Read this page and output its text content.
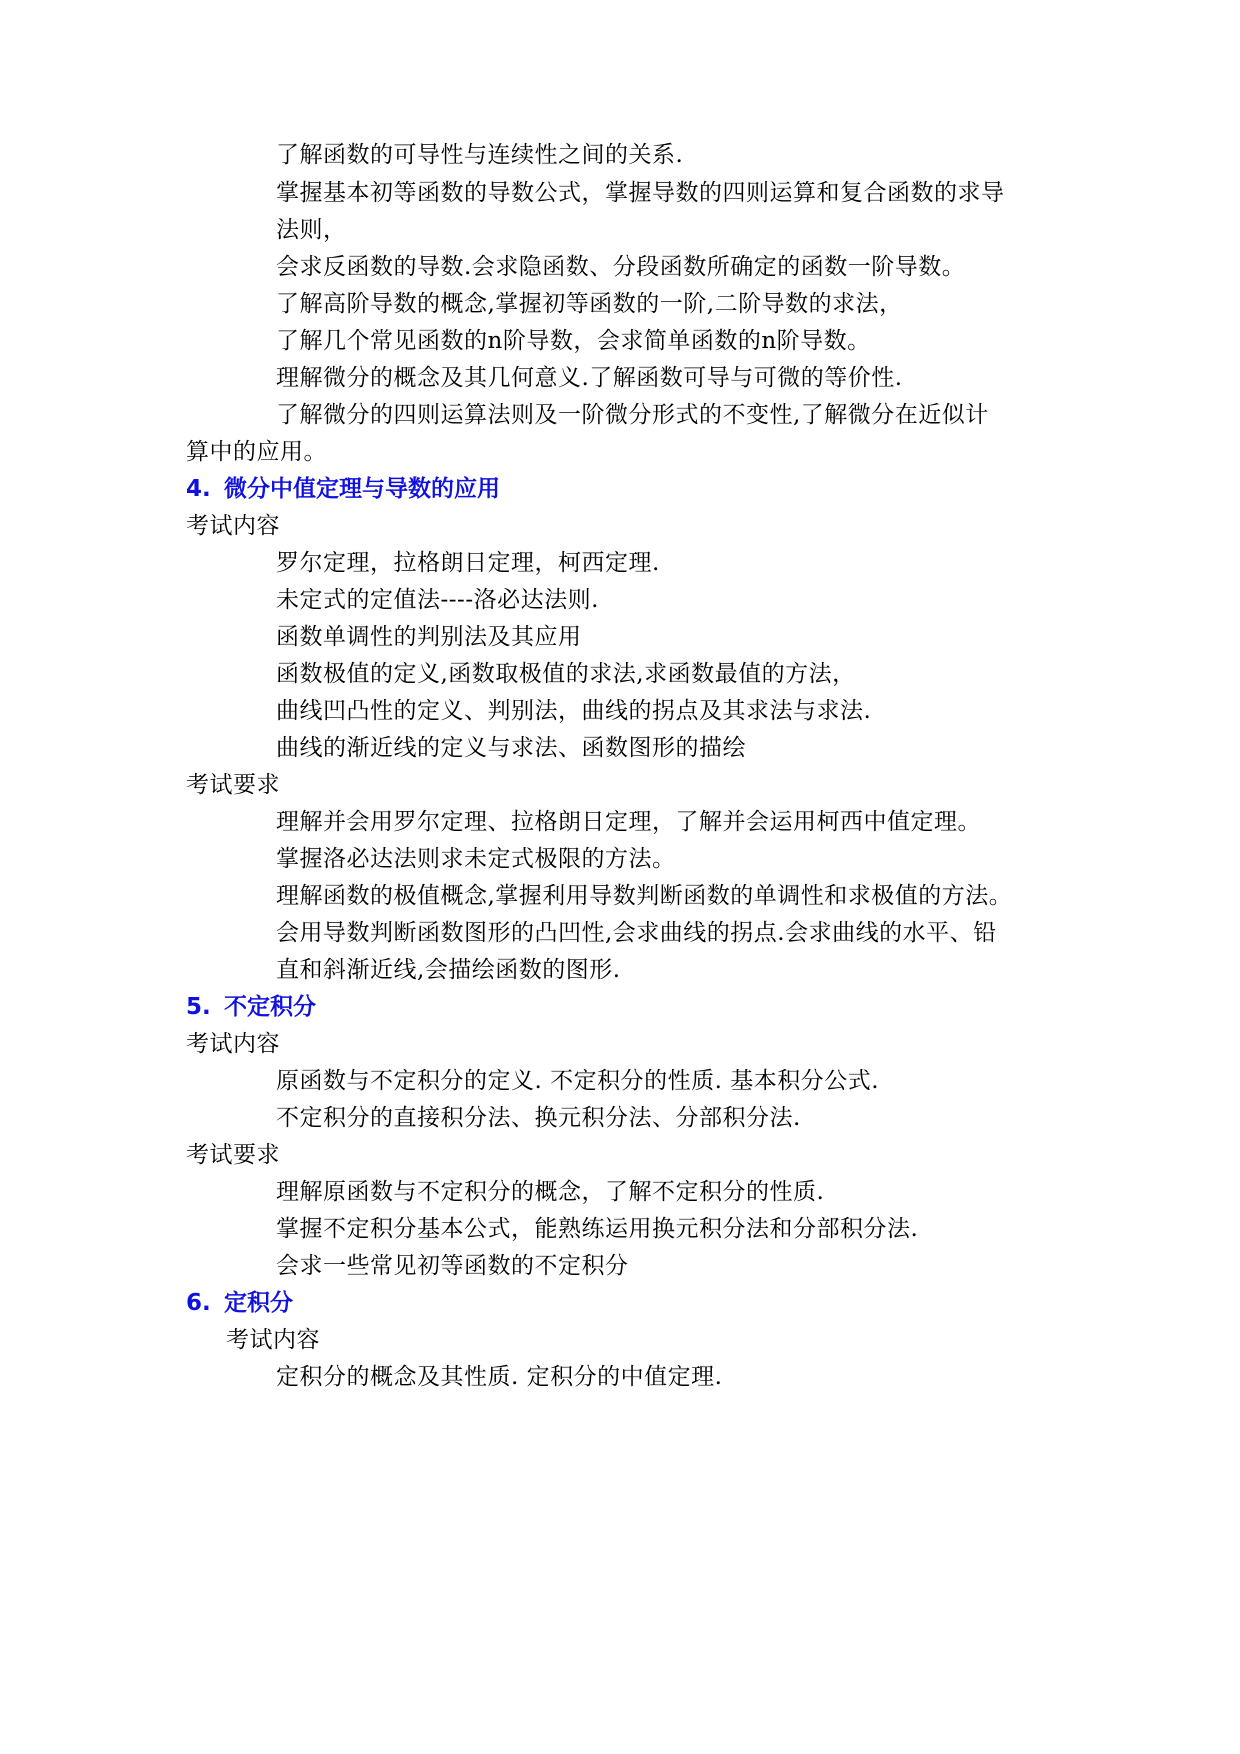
了解函数的可导性与连续性之间的关系.
掌握基本初等函数的导数公式，掌握导数的四则运算和复合函数的求导
法则，
会求反函数的导数.会求隐函数、分段函数所确定的函数一阶导数。
了解高阶导数的概念,掌握初等函数的一阶,二阶导数的求法，
了解几个常见函数的n阶导数，会求简单函数的n阶导数。
理解微分的概念及其几何意义.了解函数可导与可微的等价性.
了解微分的四则运算法则及一阶微分形式的不变性,了解微分在近似计
算中的应用。
4. 微分中值定理与导数的应用
考试内容
罗尔定理，拉格朗日定理，柯西定理.
未定式的定值法----洛必达法则.
函数单调性的判别法及其应用
函数极值的定义,函数取极值的求法,求函数最值的方法，
曲线凹凸性的定义、判别法，曲线的拐点及其求法与求法.
曲线的渐近线的定义与求法、函数图形的描绘
考试要求
理解并会用罗尔定理、拉格朗日定理，了解并会运用柯西中值定理。
掌握洛必达法则求未定式极限的方法。
理解函数的极值概念,掌握利用导数判断函数的单调性和求极值的方法。
会用导数判断函数图形的凸凹性,会求曲线的拐点.会求曲线的水平、铅
直和斜渐近线,会描绘函数的图形.
5. 不定积分
考试内容
原函数与不定积分的定义. 不定积分的性质. 基本积分公式.
不定积分的直接积分法、换元积分法、分部积分法.
考试要求
理解原函数与不定积分的概念，了解不定积分的性质.
掌握不定积分基本公式，能熟练运用换元积分法和分部积分法.
会求一些常见初等函数的不定积分
6. 定积分
考试内容
定积分的概念及其性质. 定积分的中值定理.
